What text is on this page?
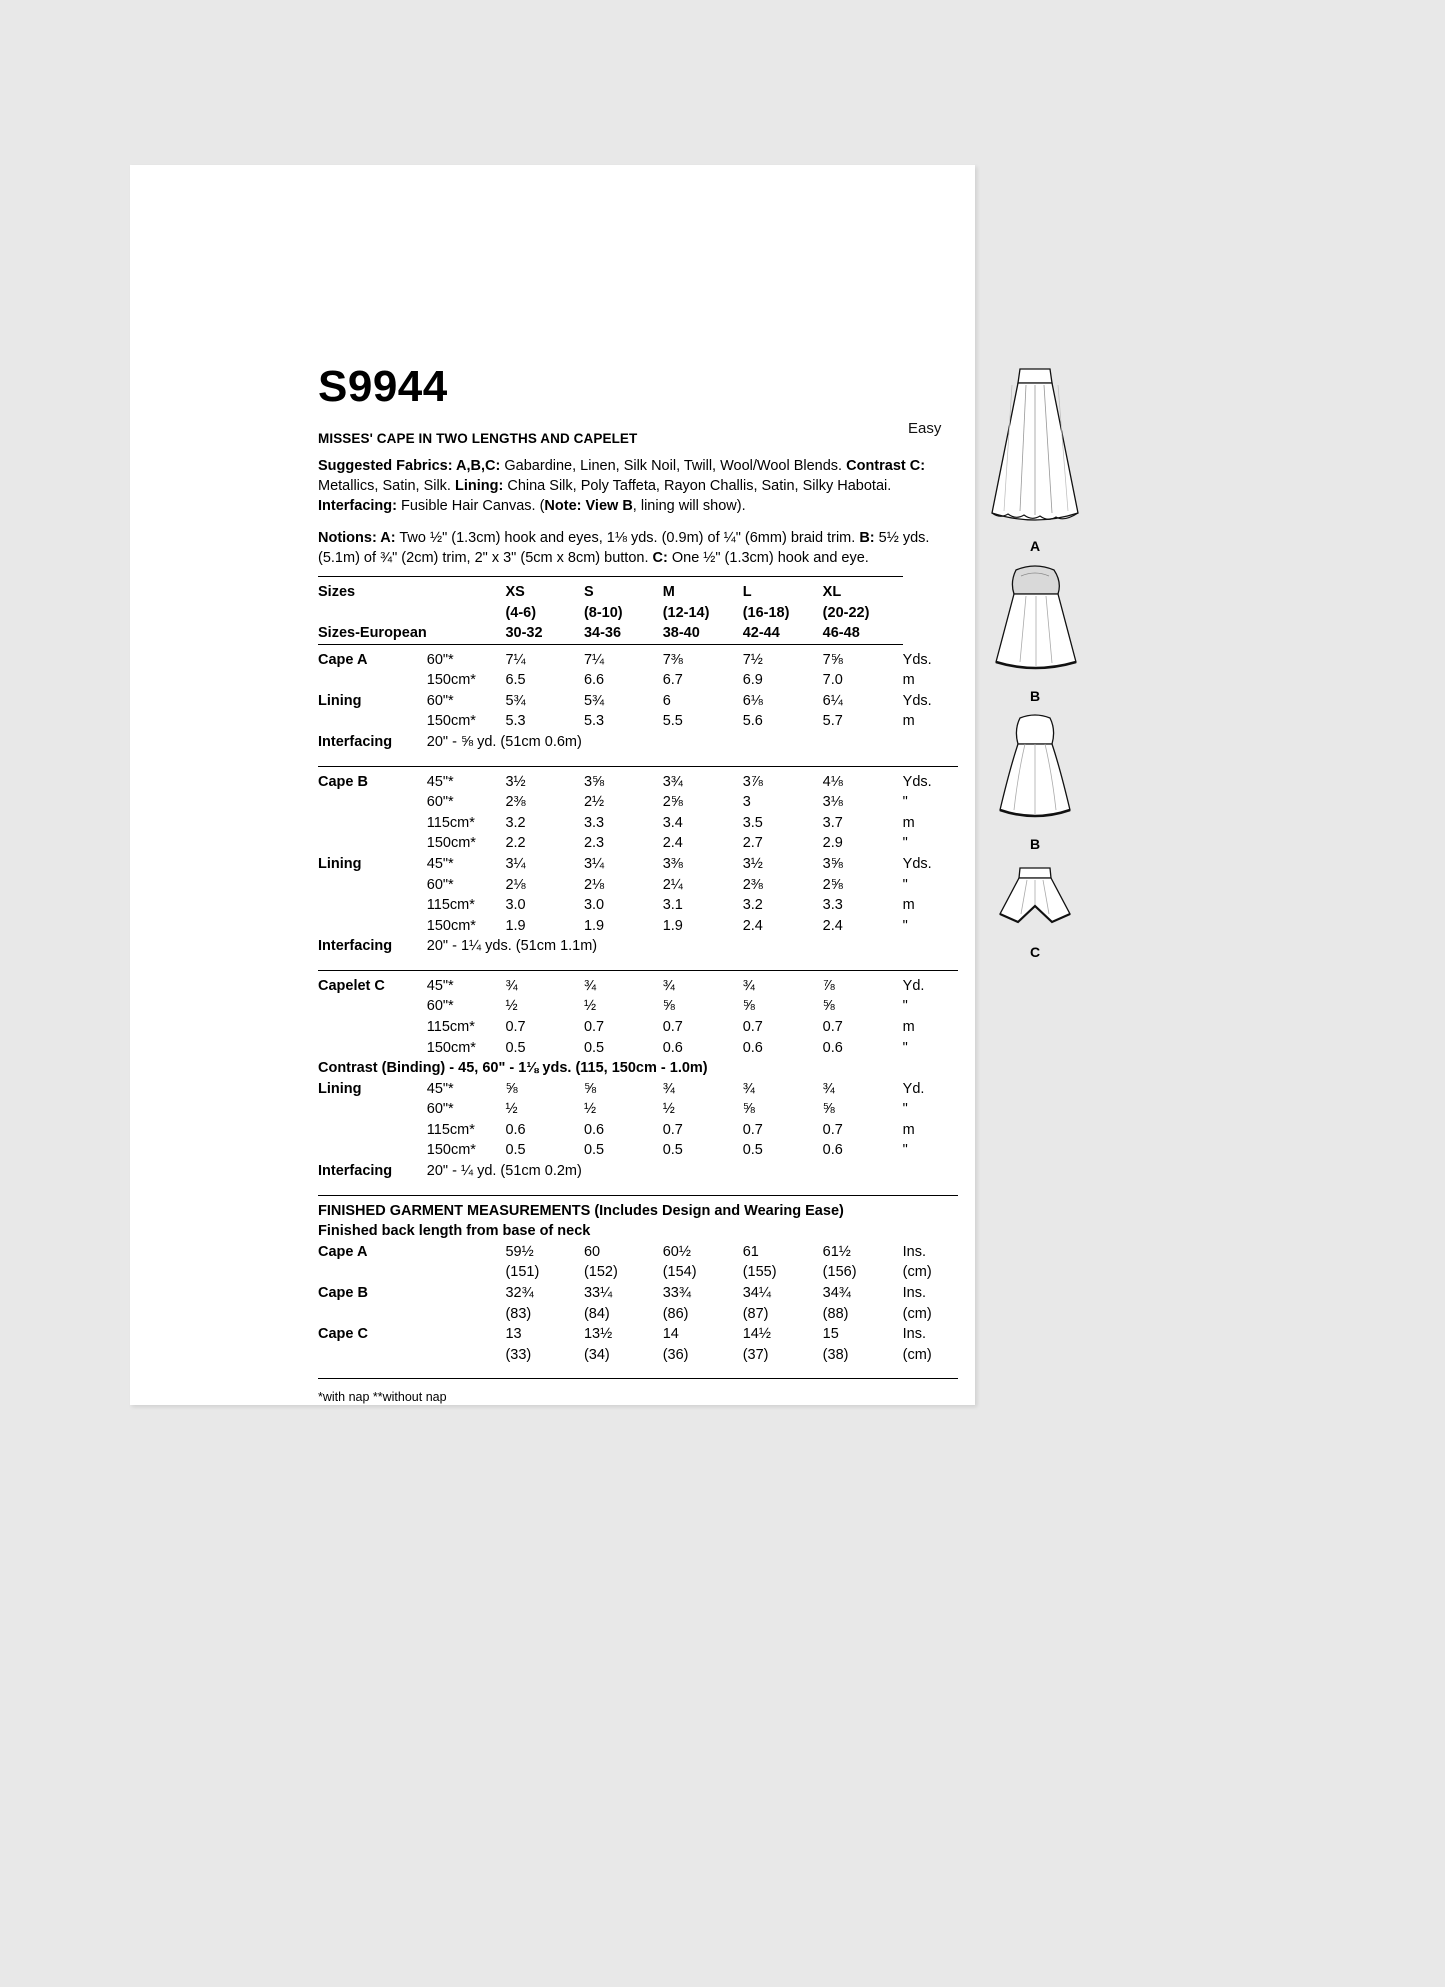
S9944
MISSES' CAPE IN TWO LENGTHS AND CAPELET
Suggested Fabrics: A,B,C: Gabardine, Linen, Silk Noil, Twill, Wool/Wool Blends. Contrast C:
Metallics, Satin, Silk. Lining: China Silk, Poly Taffeta, Rayon Challis, Satin, Silky Habotai.
Interfacing: Fusible Hair Canvas. (Note: View B, lining will show).
Notions: A: Two ½" (1.3cm) hook and eyes, 1⅛ yds. (0.9m) of ¼" (6mm) braid trim. B: 5½ yds. (5.1m) of ¾" (2cm) trim, 2" x 3" (5cm x 8cm) button. C: One ½" (1.3cm) hook and eye.

Sizes		XS	S	M	L	XL	
		(4-6)	(8-10)	(12-14)	(16-18)	(20-22)	
Sizes-European		30-32	34-36	38-40	42-44	46-48	

Cape A	60"*	7¼	7¼	7⅜	7½	7⅝	Yds.
	150cm*	6.5	6.6	6.7	6.9	7.0	m
Lining	60"*	5¾	5¾	6	6⅛	6¼	Yds.
	150cm*	5.3	5.3	5.5	5.6	5.7	m
Interfacing	20" - ⅝ yd. (51cm 0.6m)						

Cape B	45"*	3½	3⅝	3¾	3⅞	4⅛	Yds.
	60"*	2⅜	2½	2⅝	3	3⅛	"
	115cm*	3.2	3.3	3.4	3.5	3.7	m
	150cm*	2.2	2.3	2.4	2.7	2.9	"
Lining	45"*	3¼	3¼	3⅜	3½	3⅝	Yds.
	60"*	2⅛	2⅛	2¼	2⅜	2⅝	"
	115cm*	3.0	3.0	3.1	3.2	3.3	m
	150cm*	1.9	1.9	1.9	2.4	2.4	"
Interfacing	20" - 1¼ yds. (51cm 1.1m)						

Capelet C	45"*	¾	¾	¾	¾	⅞	Yd.
	60"*	½	½	⅝	⅝	⅝	"
	115cm*	0.7	0.7	0.7	0.7	0.7	m
	150cm*	0.5	0.5	0.6	0.6	0.6	"
Contrast (Binding) - 45, 60" - 1⅛ yds. (115, 150cm - 1.0m)							
Lining	45"*	⅝	⅝	¾	¾	¾	Yd.
	60"*	½	½	½	⅝	⅝	"
	115cm*	0.6	0.6	0.7	0.7	0.7	m
	150cm*	0.5	0.5	0.5	0.5	0.6	"
Interfacing	20" - ¼ yd. (51cm 0.2m)						

FINISHED GARMENT MEASUREMENTS (Includes Design and Wearing Ease)							
Finished back length from base of neck							
Cape A		59½	60	60½	61	61½	Ins.
		(151)	(152)	(154)	(155)	(156)	(cm)
Cape B		32¾	33¼	33¾	34¼	34¾	Ins.
		(83)	(84)	(86)	(87)	(88)	(cm)
Cape C		13	13½	14	14½	15	Ins.
		(33)	(34)	(36)	(37)	(38)	(cm)

*with nap **without nap
Easy
A
B
B
C
